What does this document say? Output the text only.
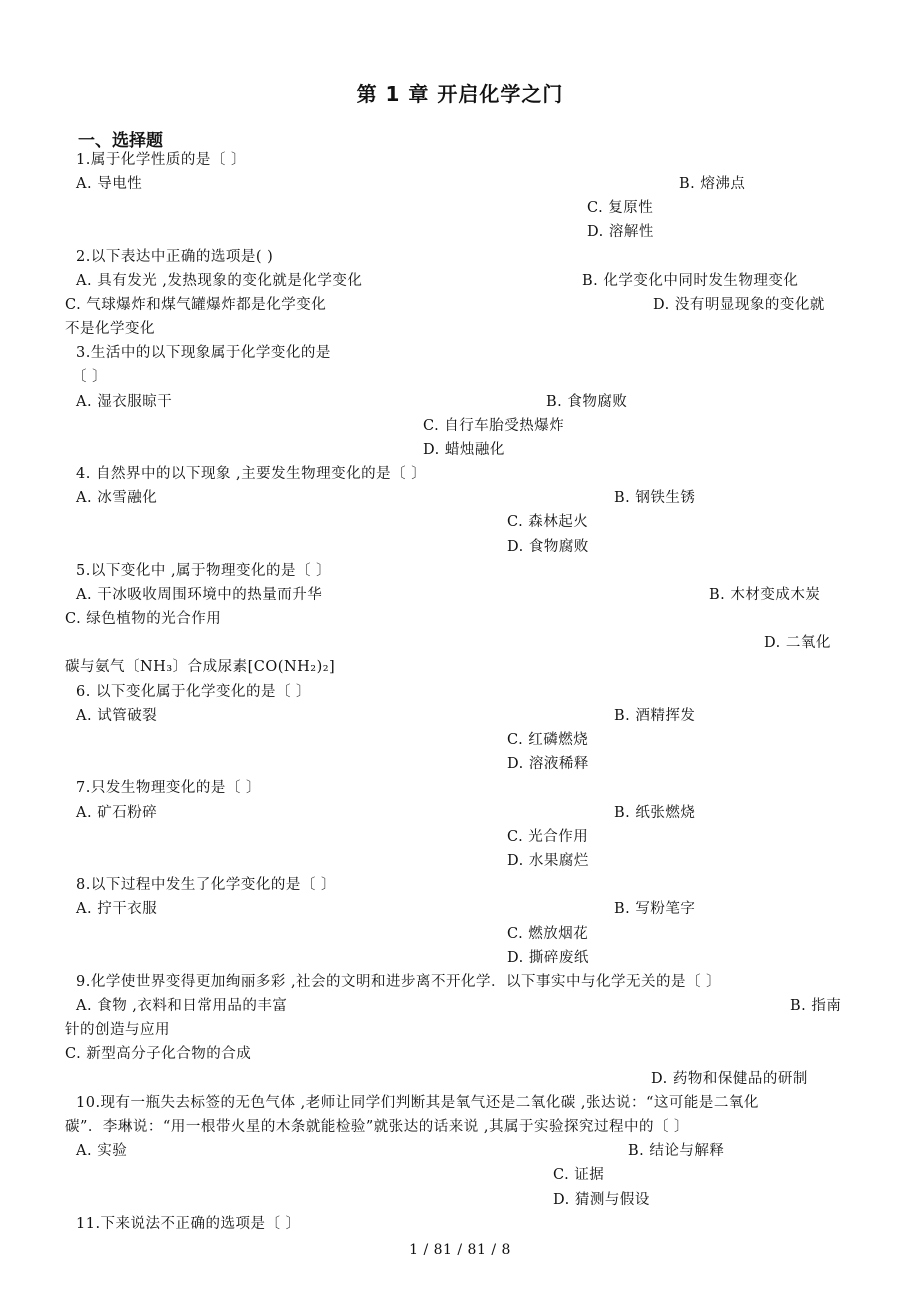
第 1 章 开启化学之门
一、选择题
1.属于化学性质的是〔 〕
A. 导电性	B. 熔沸点
C. 复原性
D. 溶解性
2.以下表达中正确的选项是( )
A. 具有发光 ,发热现象的变化就是化学变化	B. 化学变化中同时发生物理变化
C. 气球爆炸和煤气罐爆炸都是化学变化	D. 没有明显现象的变化就
不是化学变化
3.生活中的以下现象属于化学变化的是
〔 〕
A. 湿衣服晾干	B. 食物腐败
C. 自行车胎受热爆炸
D. 蜡烛融化
4. 自然界中的以下现象 ,主要发生物理变化的是〔 〕
A. 冰雪融化	B. 钢铁生锈
C. 森林起火
D. 食物腐败
5.以下变化中 ,属于物理变化的是〔 〕
A. 干冰吸收周围环境中的热量而升华	B. 木材变成木炭
C. 绿色植物的光合作用
D. 二氧化
碳与氨气〔NH₃〕合成尿素[CO(NH₂)₂]
6. 以下变化属于化学变化的是〔 〕
A. 试管破裂	B. 酒精挥发
C. 红磷燃烧
D. 溶液稀释
7.只发生物理变化的是〔 〕
A. 矿石粉碎	B. 纸张燃烧
C. 光合作用
D. 水果腐烂
8.以下过程中发生了化学变化的是〔 〕
A. 拧干衣服	B. 写粉笔字
C. 燃放烟花
D. 撕碎废纸
9.化学使世界变得更加绚丽多彩 ,社会的文明和进步离不开化学．以下事实中与化学无关的是〔 〕
A. 食物 ,衣料和日常用品的丰富	B. 指南
针的创造与应用
C. 新型高分子化合物的合成
D. 药物和保健品的研制
10.现有一瓶失去标签的无色气体 ,老师让同学们判断其是氧气还是二氧化碳 ,张达说：“这可能是二氧化
碳”．李琳说：“用一根带火星的木条就能检验”就张达的话来说 ,其属于实验探究过程中的〔 〕
A. 实验	B. 结论与解释
C. 证据
D. 猜测与假设
11.下来说法不正确的选项是〔 〕
1 / 81 / 81 / 8
